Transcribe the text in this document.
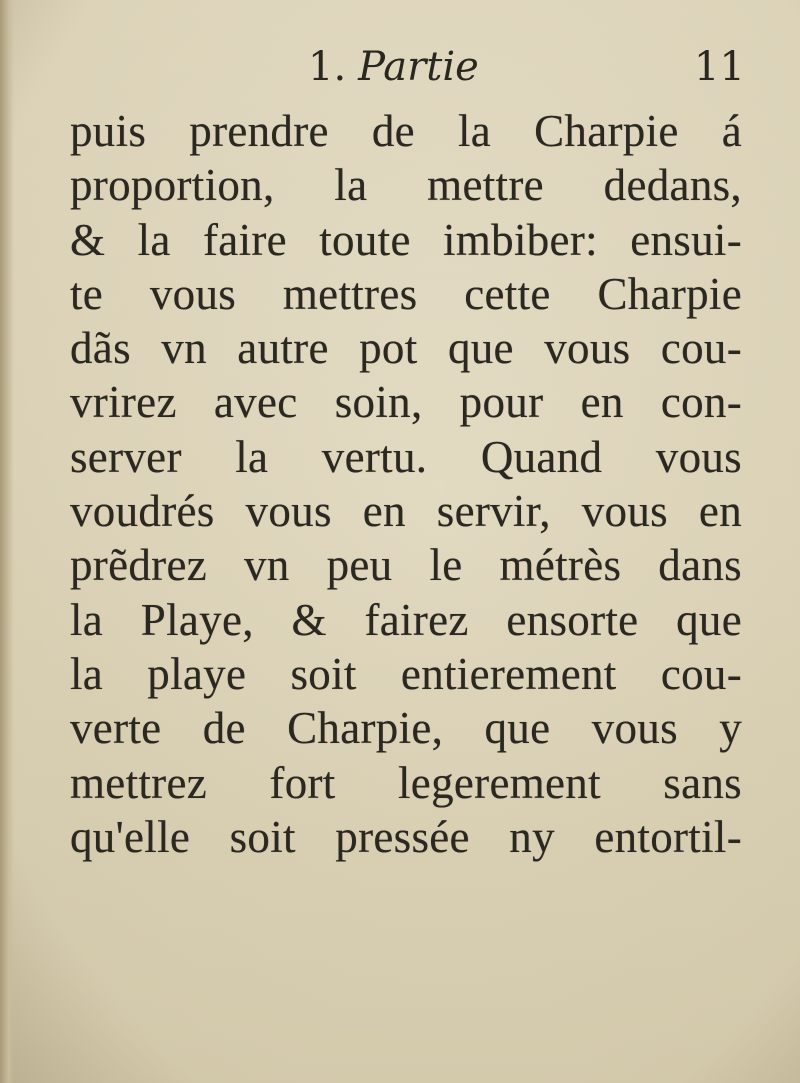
1. Partie	11
puis prendre de la Charpie á
proportion, la mettre dedans,
& la faire toute imbiber: ensui-
te vous mettres cette Charpie
dãs vn autre pot que vous cou-
vrirez avec soin, pour en con-
server la vertu. Quand vous
voudrés vous en servir, vous en
prẽdrez vn peu le métrès dans
la Playe, & fairez ensorte que
la playe soit entierement cou-
verte de Charpie, que vous y
mettrez fort legerement sans
qu'elle soit pressée ny entortil-
